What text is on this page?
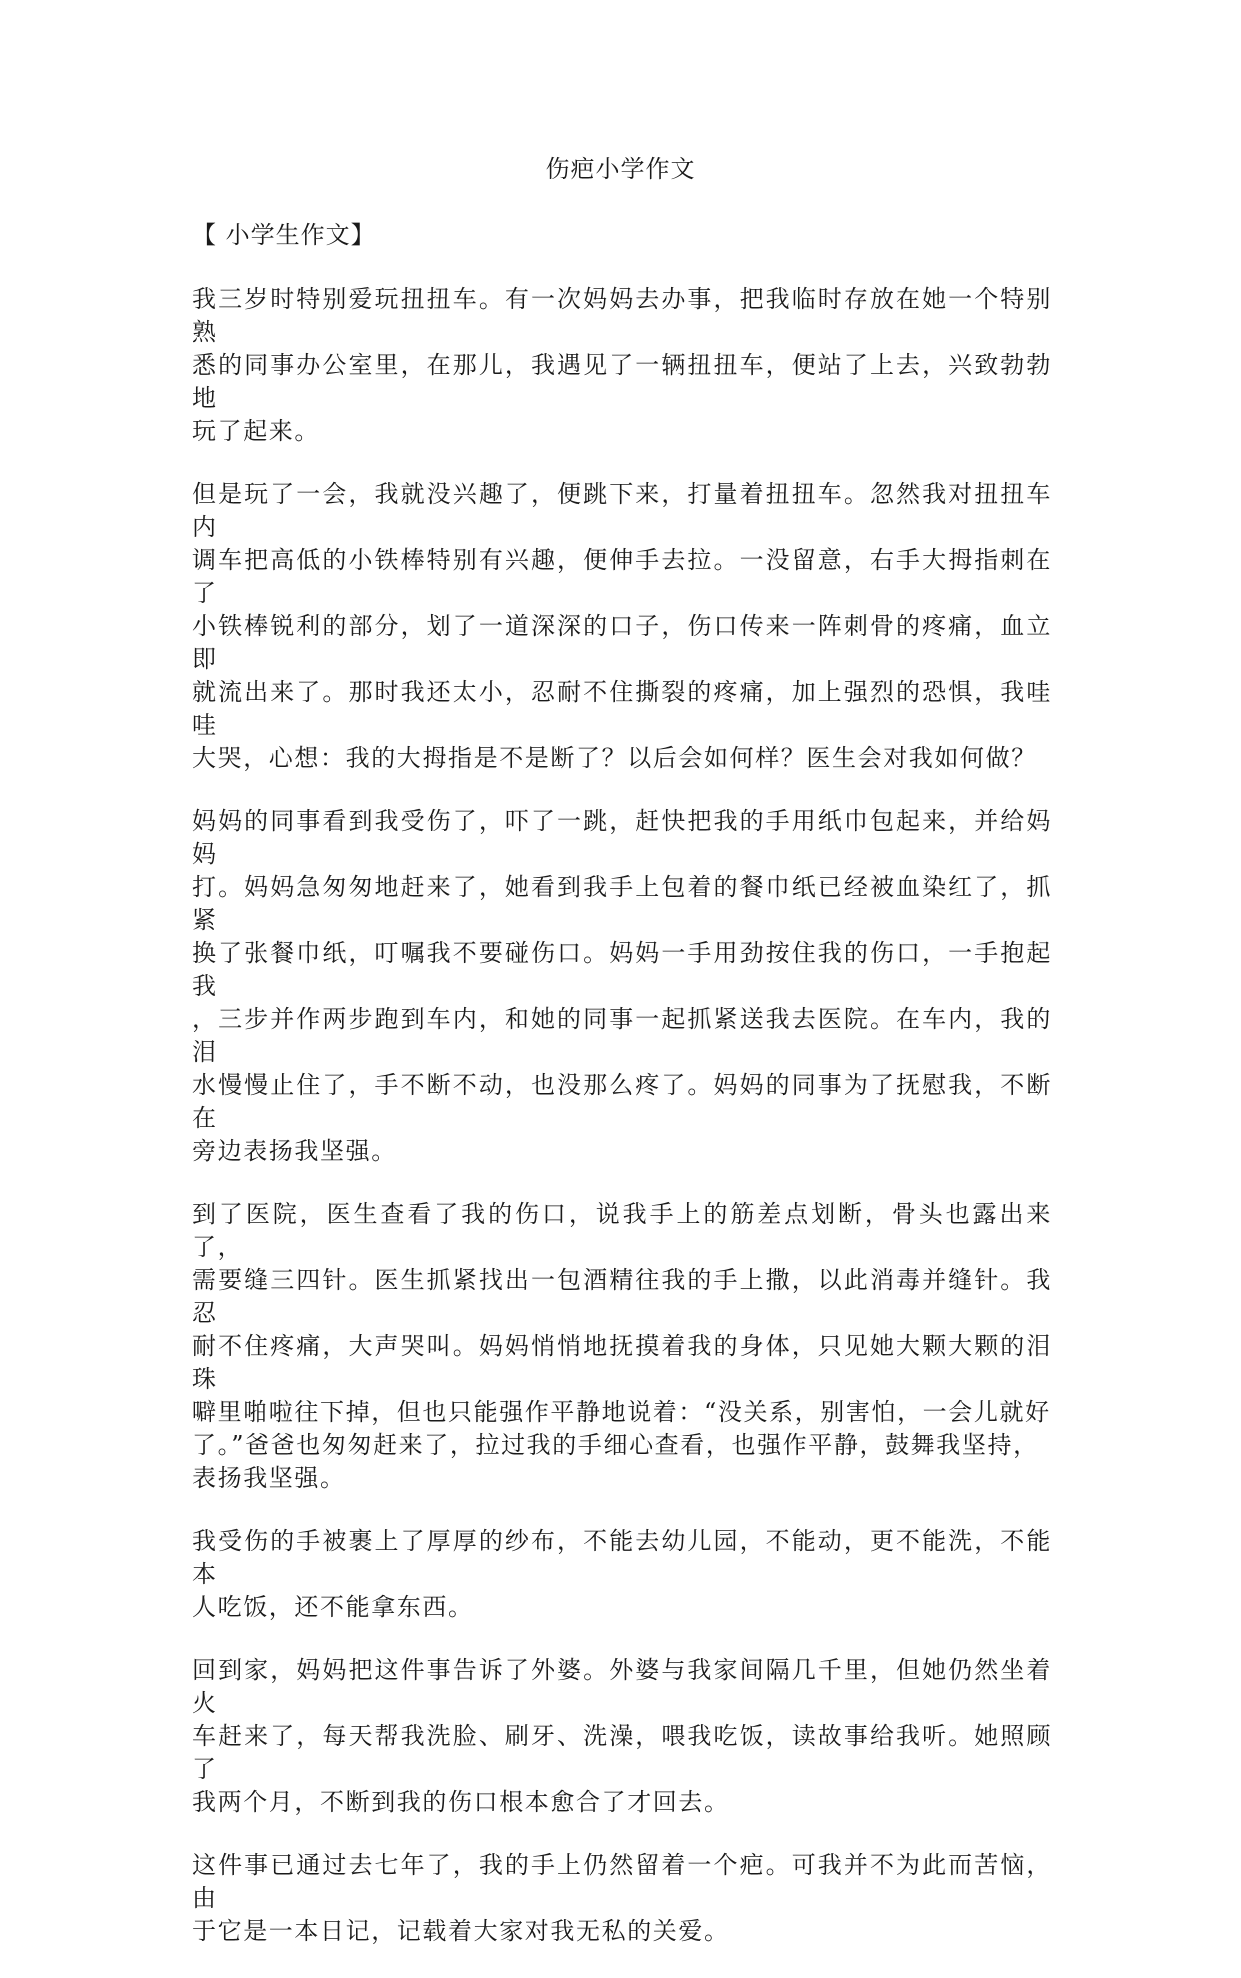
伤疤小学作文
【 小学生作文】

我三岁时特别爱玩扭扭车。有一次妈妈去办事，把我临时存放在她一个特别熟
悉的同事办公室里，在那儿，我遇见了一辆扭扭车，便站了上去，兴致勃勃地
玩了起来。

但是玩了一会，我就没兴趣了，便跳下来，打量着扭扭车。忽然我对扭扭车内
调车把高低的小铁棒特别有兴趣，便伸手去拉。一没留意，右手大拇指刺在了
小铁棒锐利的部分，划了一道深深的口子，伤口传来一阵刺骨的疼痛，血立即
就流出来了。那时我还太小，忍耐不住撕裂的疼痛，加上强烈的恐惧，我哇哇
大哭，心想：我的大拇指是不是断了？以后会如何样？医生会对我如何做？

妈妈的同事看到我受伤了，吓了一跳，赶快把我的手用纸巾包起来，并给妈妈
打。妈妈急匆匆地赶来了，她看到我手上包着的餐巾纸已经被血染红了，抓紧
换了张餐巾纸，叮嘱我不要碰伤口。妈妈一手用劲按住我的伤口，一手抱起我
，三步并作两步跑到车内，和她的同事一起抓紧送我去医院。在车内，我的泪
水慢慢止住了，手不断不动，也没那么疼了。妈妈的同事为了抚慰我，不断在
旁边表扬我坚强。

到了医院，医生查看了我的伤口，说我手上的筋差点划断，骨头也露出来了，
需要缝三四针。医生抓紧找出一包酒精往我的手上撒，以此消毒并缝针。我忍
耐不住疼痛，大声哭叫。妈妈悄悄地抚摸着我的身体，只见她大颗大颗的泪珠
噼里啪啦往下掉，但也只能强作平静地说着：“没关系，别害怕，一会儿就好
了。”爸爸也匆匆赶来了，拉过我的手细心查看，也强作平静，鼓舞我坚持，
表扬我坚强。

我受伤的手被裹上了厚厚的纱布，不能去幼儿园，不能动，更不能洗，不能本
人吃饭，还不能拿东西。

回到家，妈妈把这件事告诉了外婆。外婆与我家间隔几千里，但她仍然坐着火
车赶来了，每天帮我洗脸、刷牙、洗澡，喂我吃饭，读故事给我听。她照顾了
我两个月，不断到我的伤口根本愈合了才回去。

这件事已通过去七年了，我的手上仍然留着一个疤。可我并不为此而苦恼，由
于它是一本日记，记载着大家对我无私的关爱。
